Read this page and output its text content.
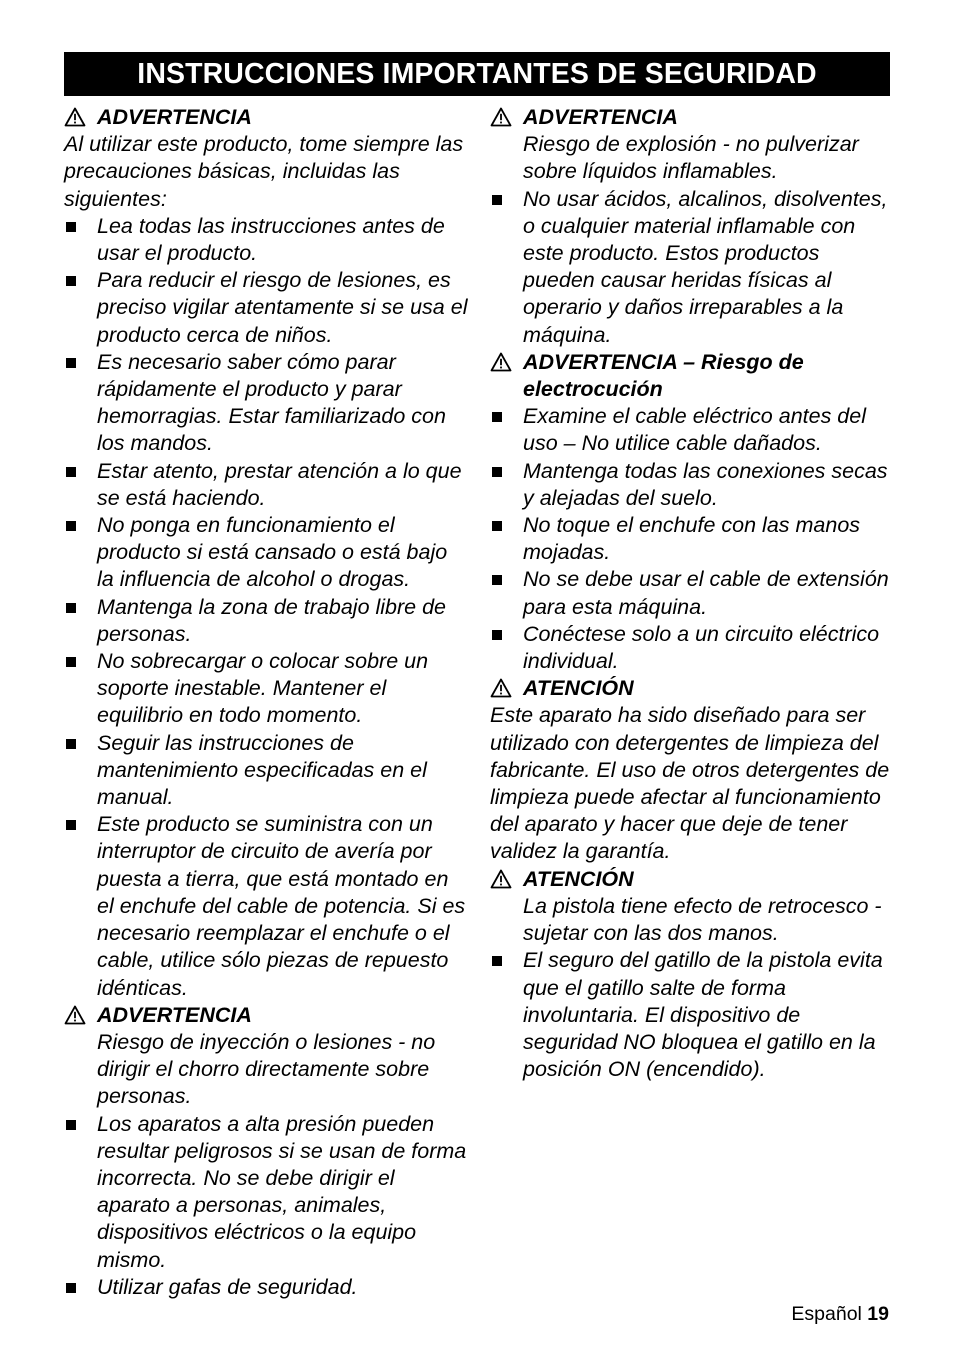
INSTRUCCIONES IMPORTANTES DE SEGURIDAD
ADVERTENCIA
Al utilizar este producto, tome siempre las precauciones básicas, incluidas las siguientes:
Lea todas las instrucciones antes de usar el producto.
Para reducir el riesgo de lesiones, es preciso vigilar atentamente si se usa el producto cerca de niños.
Es necesario saber cómo parar rápidamente el producto y parar hemorragias. Estar familiarizado con los mandos.
Estar atento, prestar atención a lo que se está haciendo.
No ponga en funcionamiento el producto si está cansado o está bajo la influencia de alcohol o drogas.
Mantenga la zona de trabajo libre de personas.
No sobrecargar o colocar sobre un soporte inestable. Mantener el equilibrio en todo momento.
Seguir las instrucciones de mantenimiento especificadas en el manual.
Este producto se suministra con un interruptor de circuito de avería por puesta a tierra, que está montado en el enchufe del cable de potencia. Si es necesario reemplazar el enchufe o el cable, utilice sólo piezas de repuesto idénticas.
ADVERTENCIA
Riesgo de inyección o lesiones - no dirigir el chorro directamente sobre personas.
Los aparatos a alta presión pueden resultar peligrosos si se usan de forma incorrecta. No se debe dirigir el aparato a personas, animales, dispositivos eléctricos o la equipo mismo.
Utilizar gafas de seguridad.
ADVERTENCIA
Riesgo de explosión - no pulverizar sobre líquidos inflamables.
No usar ácidos, alcalinos, disolventes, o cualquier material inflamable con este producto. Estos productos pueden causar heridas físicas al operario y daños irreparables a la máquina.
ADVERTENCIA – Riesgo de electrocución
Examine el cable eléctrico antes del uso – No utilice cable dañados.
Mantenga todas las conexiones secas y alejadas del suelo.
No toque el enchufe con las manos mojadas.
No se debe usar el cable de extensión para esta máquina.
Conéctese solo a un circuito eléctrico individual.
ATENCIÓN
Este aparato ha sido diseñado para ser utilizado con detergentes de limpieza del fabricante. El uso de otros detergentes de limpieza puede afectar al funcionamiento del aparato y hacer que deje de tener validez la garantía.
ATENCIÓN
La pistola tiene efecto de retrocesco - sujetar con las dos manos.
El seguro del gatillo de la pistola evita que el gatillo salte de forma involuntaria. El dispositivo de seguridad NO bloquea el gatillo en la posición ON (encendido).
Español 19
